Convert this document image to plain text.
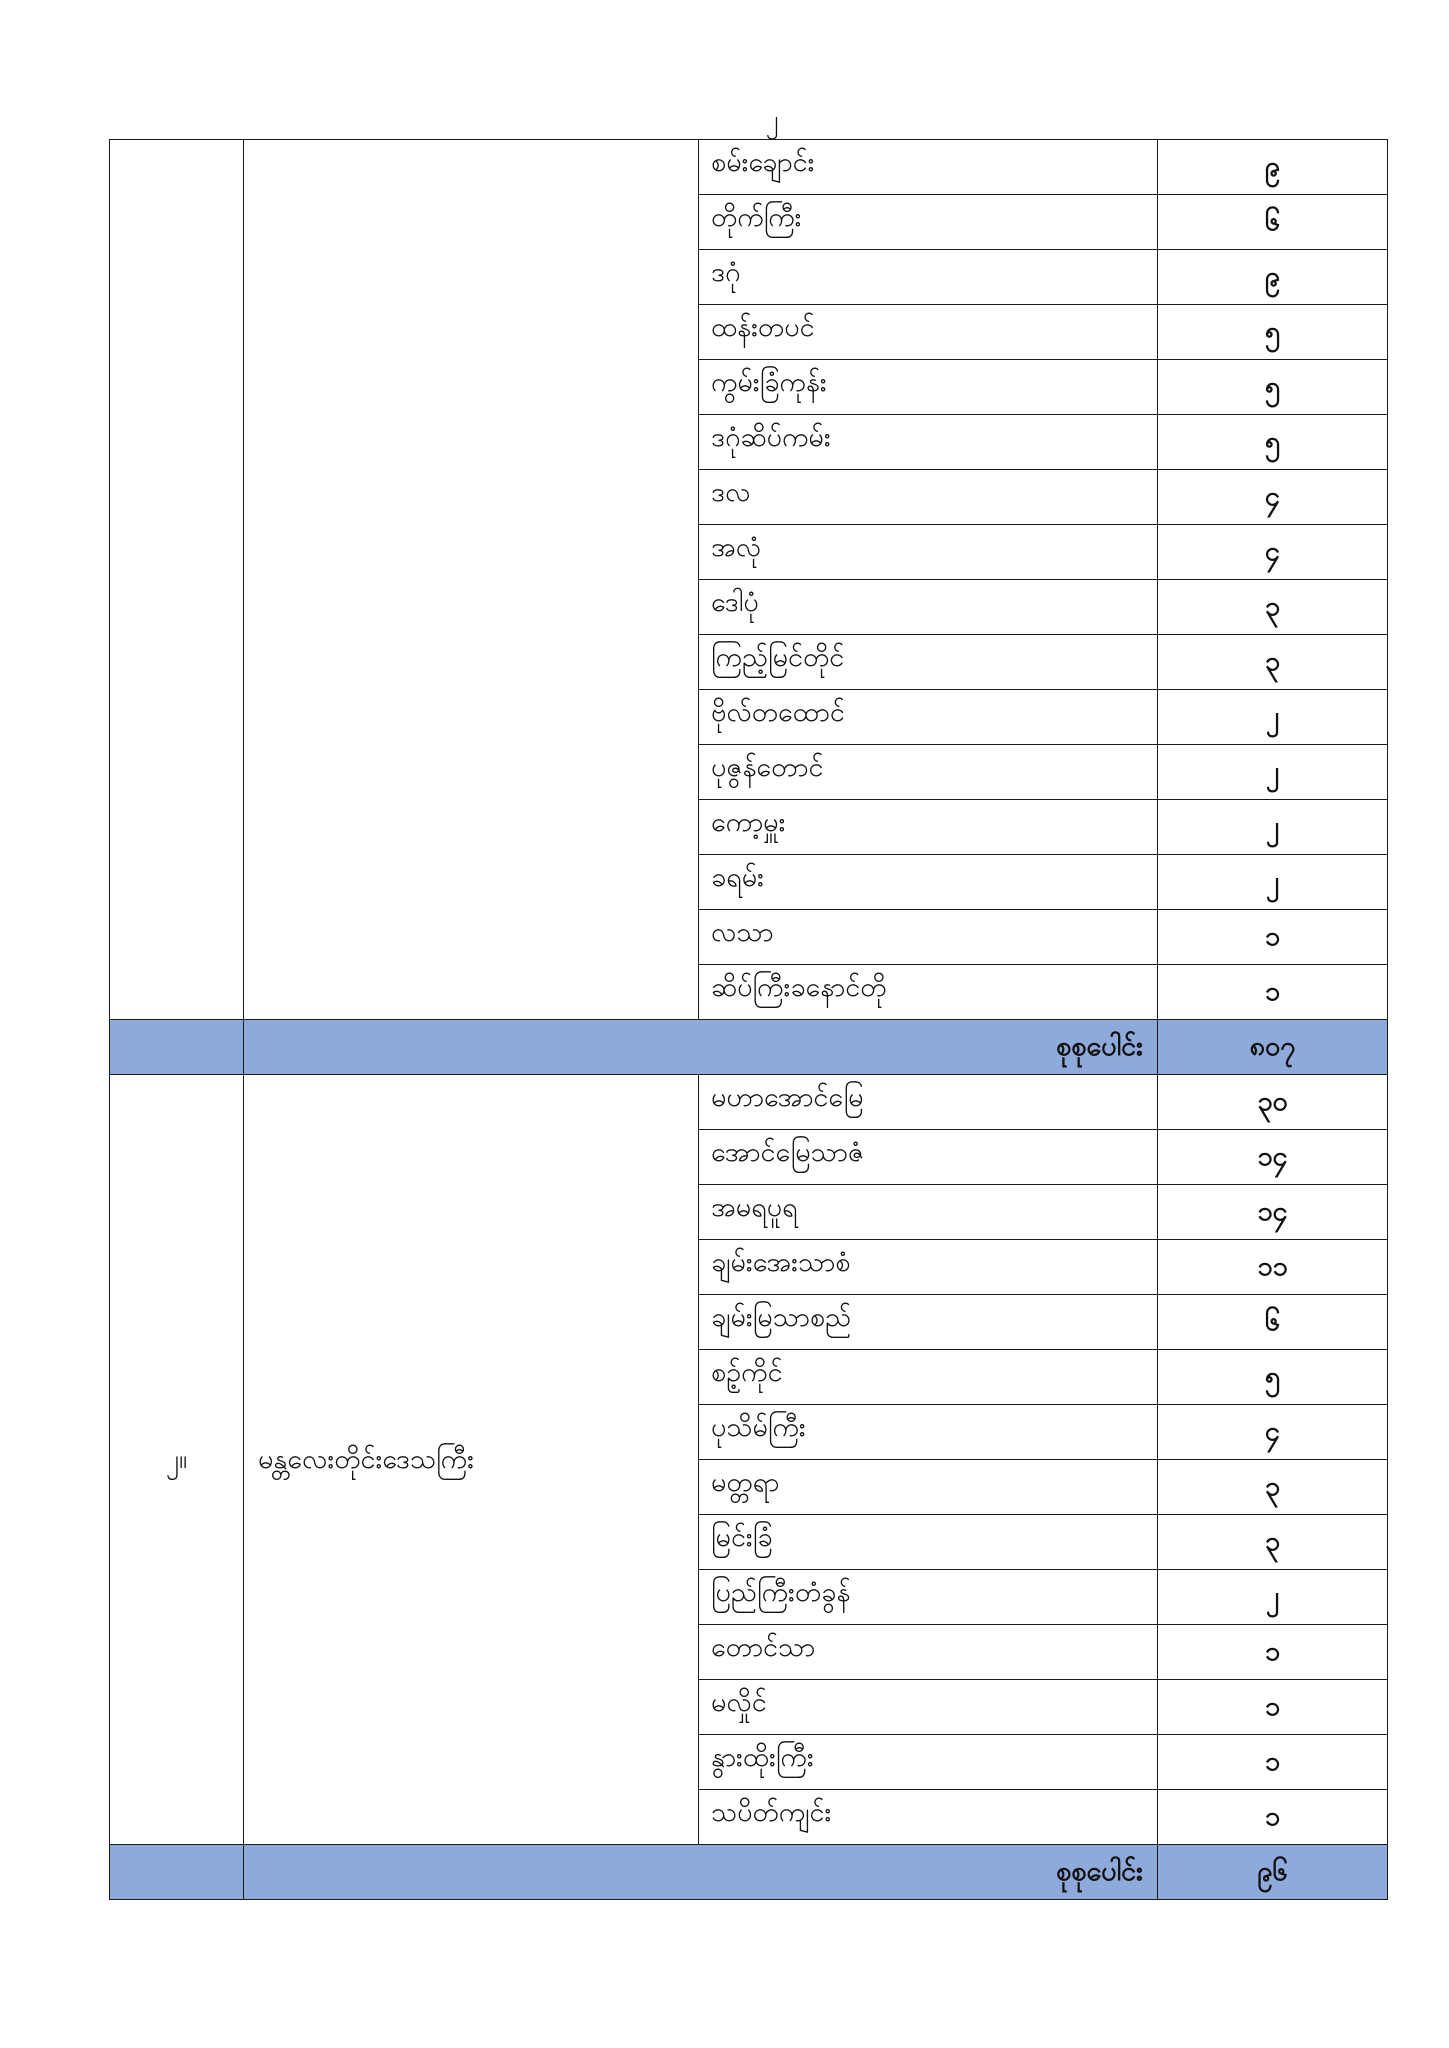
၂
		စမ်းချောင်း	၉
		တိုက်ကြီး	၆
		ဒဂုံ	၉
		ထန်းတပင်	၅
		ကွမ်းခြံကုန်း	၅
		ဒဂုံဆိပ်ကမ်း	၅
		ဒလ	၄
		အလုံ	၄
		ဒေါပုံ	၃
		ကြည့်မြင်တိုင်	၃
		ဗိုလ်တထောင်	၂
		ပုဇွန်တောင်	၂
		ကော့မှူး	၂
		ခရမ်း	၂
		လသာ	၁
		ဆိပ်ကြီးခနောင်တို	၁
	စုစုပေါင်း		၈၀၇
၂။	မန္တလေးတိုင်းဒေသကြီး	မဟာအောင်မြေ	၃၀
		အောင်မြေသာဇံ	၁၄
		အမရပူရ	၁၄
		ချမ်းအေးသာစံ	၁၁
		ချမ်းမြသာစည်	၆
		စဉ့်ကိုင်	၅
		ပုသိမ်ကြီး	၄
		မတ္တရာ	၃
		မြင်းခြံ	၃
		ပြည်ကြီးတံခွန်	၂
		တောင်သာ	၁
		မလှိုင်	၁
		နွားထိုးကြီး	၁
		သပိတ်ကျင်း	၁
	စုစုပေါင်း		၉၆
